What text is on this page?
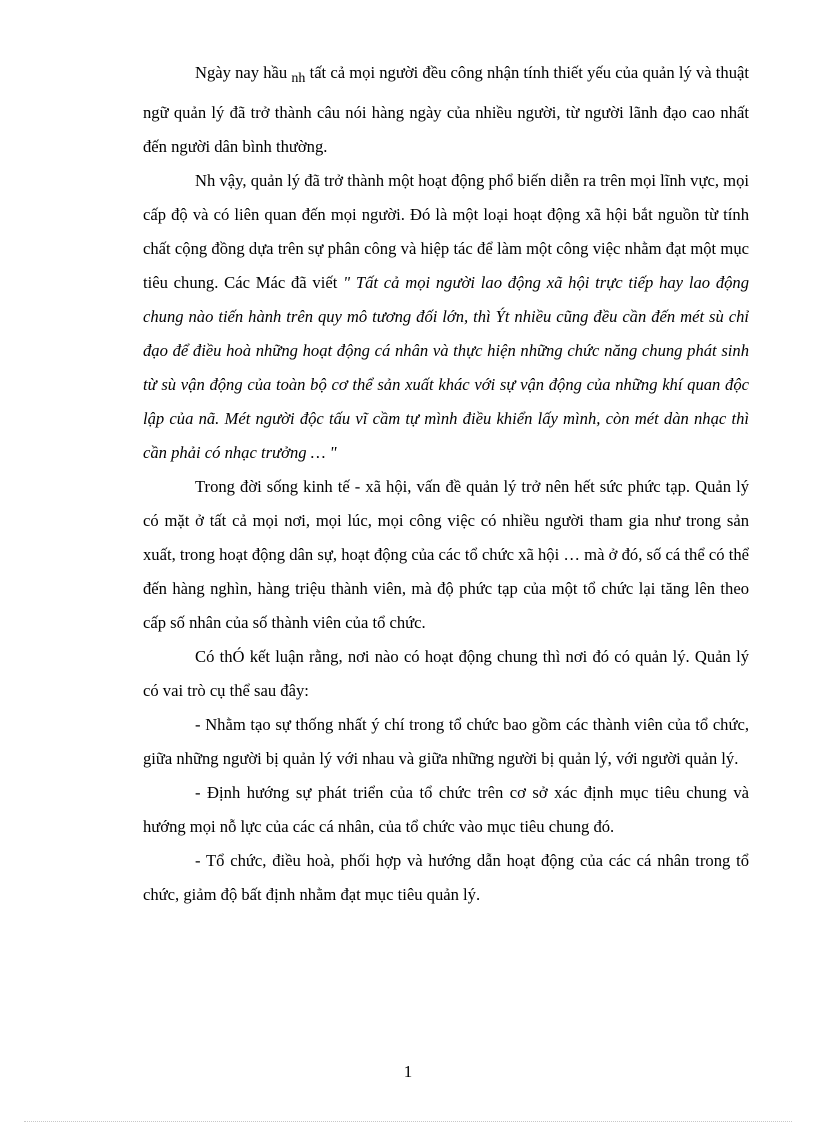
Ngày nay hầu $_{nh}$ tất cả mọi người đều công nhận tính thiết yếu của quản lý và thuật ngữ quản lý đã trở thành câu nói hàng ngày của nhiều người, từ người lãnh đạo cao nhất đến người dân bình thường.

Nh vậy, quản lý đã trở thành một hoạt động phổ biến diễn ra trên mọi lĩnh vực, mọi cấp độ và có liên quan đến mọi người. Đó là một loại hoạt động xã hội bắt nguồn từ tính chất cộng đồng dựa trên sự phân công và hiệp tác để làm một công việc nhằm đạt một mục tiêu chung. Các Mác đã viết " Tất cả mọi người lao động xã hội trực tiếp hay lao động chung nào tiến hành trên quy mô tương đối lớn, thì Ýt nhiều cũng đều cần đến mét sù chỉ đạo để điều hoà những hoạt động cá nhân và thực hiện những chức năng chung phát sinh từ sù vận động của toàn bộ cơ thể sản xuất khác với sự vận động của những khí quan độc lập của nã. Mét người độc tấu vĩ cầm tự mình điều khiển lấy mình, còn mét dàn nhạc thì cần phải có nhạc trưởng … "

Trong đời sống kinh tế - xã hội, vấn đề quản lý trở nên hết sức phức tạp. Quản lý có mặt ở tất cả mọi nơi, mọi lúc, mọi công việc có nhiều người tham gia như trong sản xuất, trong hoạt động dân sự, hoạt động của các tổ chức xã hội … mà ở đó, số cá thể có thể đến hàng nghìn, hàng triệu thành viên, mà độ phức tạp của một tổ chức lại tăng lên theo cấp số nhân của số thành viên của tổ chức.

Có thÓ kết luận rằng, nơi nào có hoạt động chung thì nơi đó có quản lý. Quản lý có vai trò cụ thể sau đây:

- Nhằm tạo sự thống nhất ý chí trong tổ chức bao gồm các thành viên của tổ chức, giữa những người bị quản lý với nhau và giữa những người bị quản lý, với người quản lý.

- Định hướng sự phát triển của tổ chức trên cơ sở xác định mục tiêu chung và hướng mọi nỗ lực của các cá nhân, của tổ chức vào mục tiêu chung đó.

- Tổ chức, điều hoà, phối hợp và hướng dẫn hoạt động của các cá nhân trong tổ chức, giảm độ bất định nhằm đạt mục tiêu quản lý.

1
